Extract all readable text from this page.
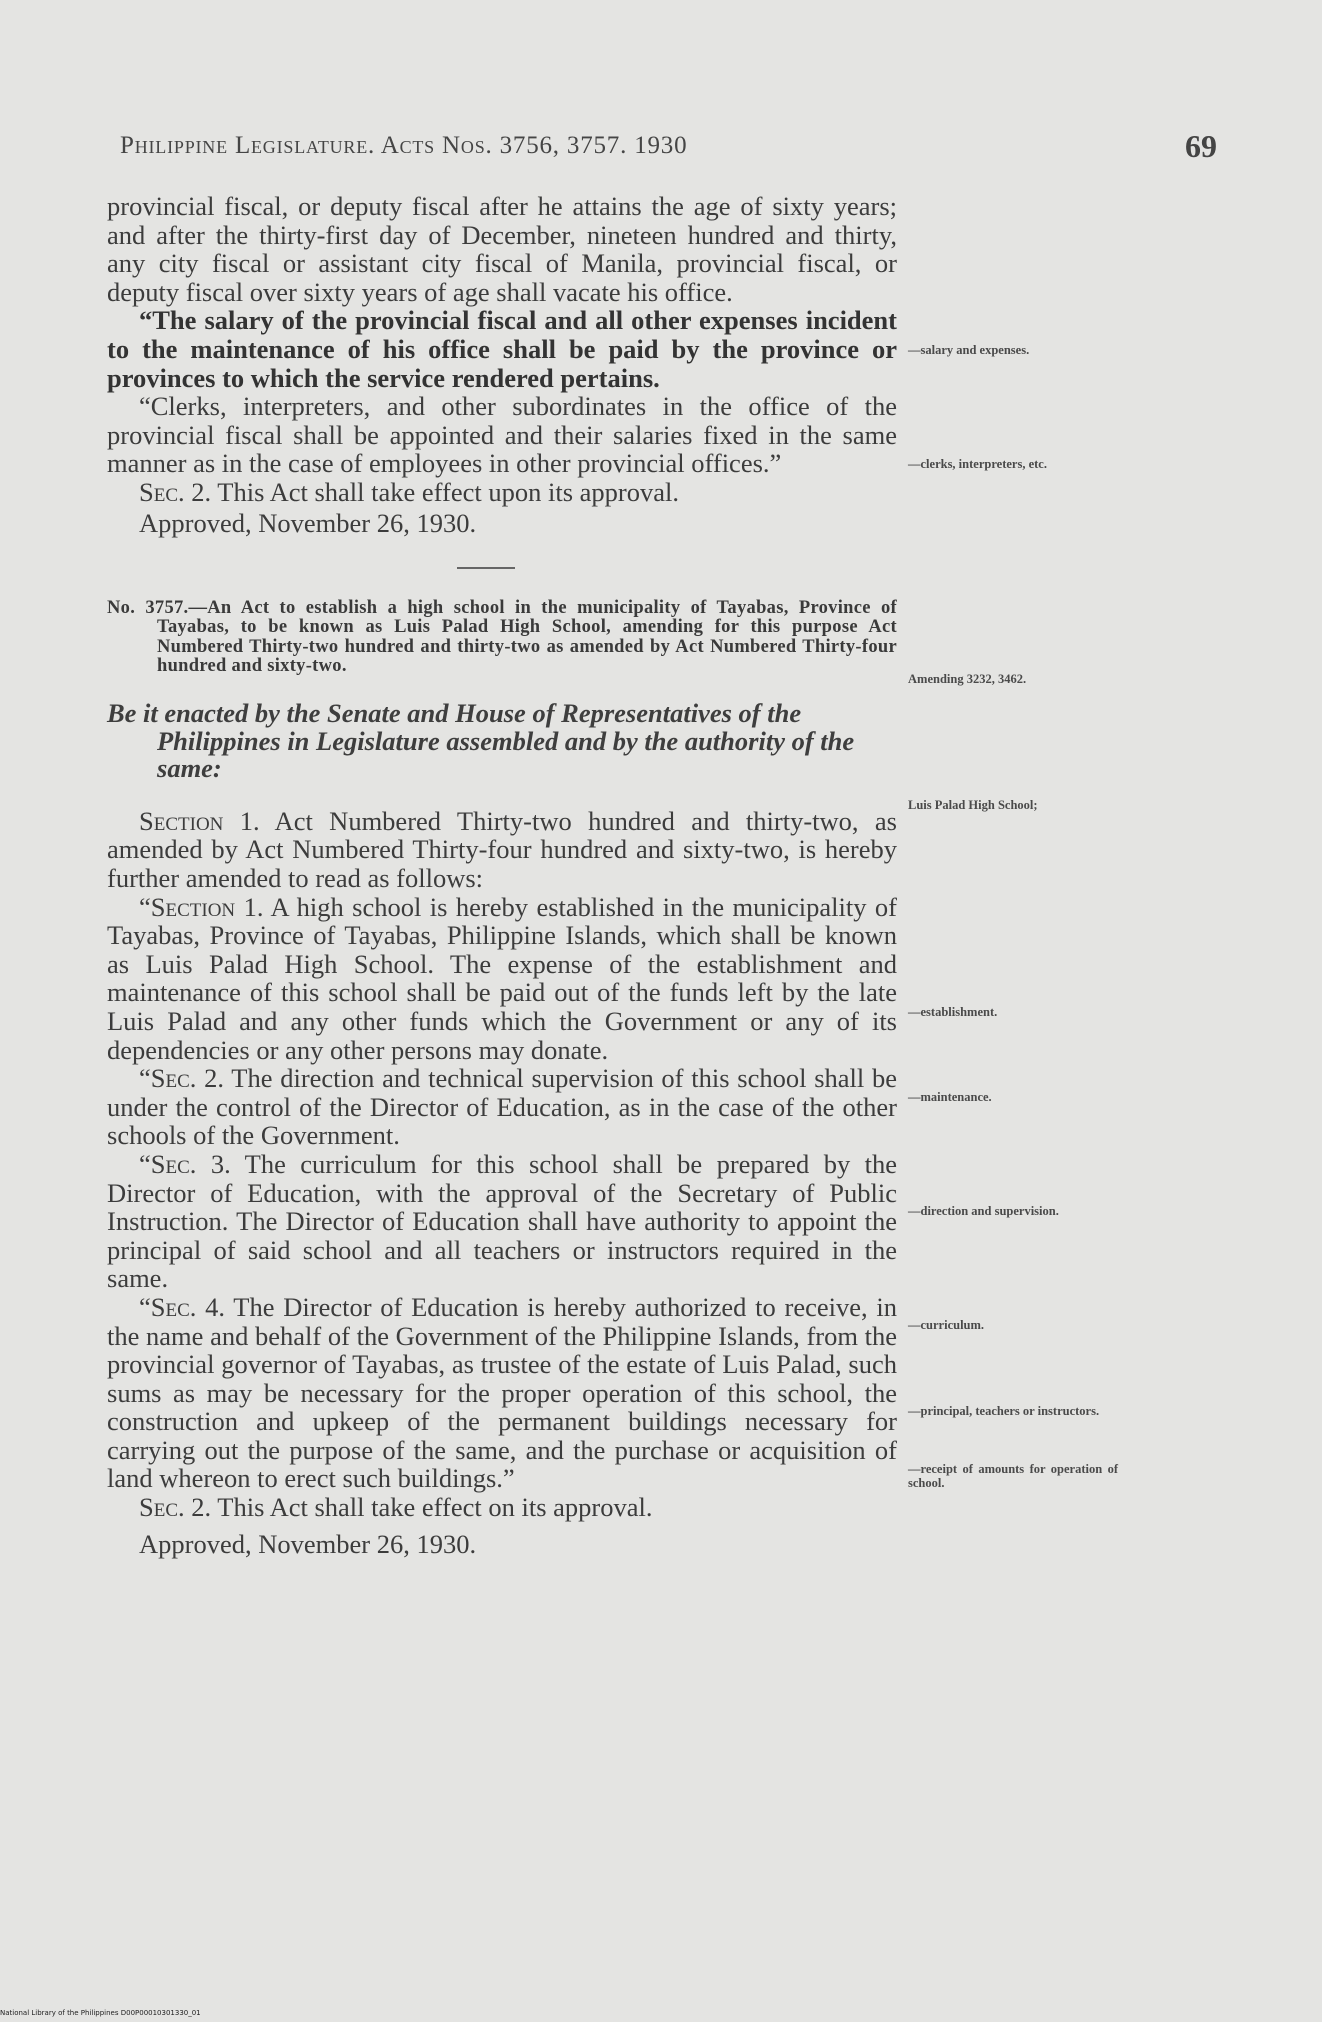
Philippine Legislature. Acts Nos. 3756, 3757. 1930	69

provincial fiscal, or deputy fiscal after he attains the age of sixty years; and after the thirty-first day of December, nineteen hundred and thirty, any city fiscal or assistant city fiscal of Manila, provincial fiscal, or deputy fiscal over sixty years of age shall vacate his office.

“The salary of the provincial fiscal and all other expenses incident to the maintenance of his office shall be paid by the province or provinces to which the service rendered pertains.

“Clerks, interpreters, and other subordinates in the office of the provincial fiscal shall be appointed and their salaries fixed in the same manner as in the case of employees in other provincial offices.”

Sec. 2. This Act shall take effect upon its approval.

Approved, November 26, 1930.

No. 3757.—An Act to establish a high school in the municipality of Tayabas, Province of Tayabas, to be known as Luis Palad High School, amending for this purpose Act Numbered Thirty-two hundred and thirty-two as amended by Act Numbered Thirty-four hundred and sixty-two.

Be it enacted by the Senate and House of Representatives of the Philippines in Legislature assembled and by the authority of the same:

Section 1. Act Numbered Thirty-two hundred and thirty-two, as amended by Act Numbered Thirty-four hundred and sixty-two, is hereby further amended to read as follows:

“Section 1. A high school is hereby established in the municipality of Tayabas, Province of Tayabas, Philippine Islands, which shall be known as Luis Palad High School. The expense of the establishment and maintenance of this school shall be paid out of the funds left by the late Luis Palad and any other funds which the Government or any of its dependencies or any other persons may donate.

“Sec. 2. The direction and technical supervision of this school shall be under the control of the Director of Education, as in the case of the other schools of the Government.

“Sec. 3. The curriculum for this school shall be prepared by the Director of Education, with the approval of the Secretary of Public Instruction. The Director of Education shall have authority to appoint the principal of said school and all teachers or instructors required in the same.

“Sec. 4. The Director of Education is hereby authorized to receive, in the name and behalf of the Government of the Philippine Islands, from the provincial governor of Tayabas, as trustee of the estate of Luis Palad, such sums as may be necessary for the proper operation of this school, the construction and upkeep of the permanent buildings necessary for carrying out the purpose of the same, and the purchase or acquisition of land whereon to erect such buildings.”

Sec. 2. This Act shall take effect on its approval.

Approved, November 26, 1930.

—salary and expenses.
—clerks, interpreters, etc.
Amending 3232, 3462.
Luis Palad High School;
—establishment.
—maintenance.
—direction and supervision.
—curriculum.
—principal, teachers or instructors.
—receipt of amounts for operation of school.
National Library of the Philippines D00P00010301330_01
